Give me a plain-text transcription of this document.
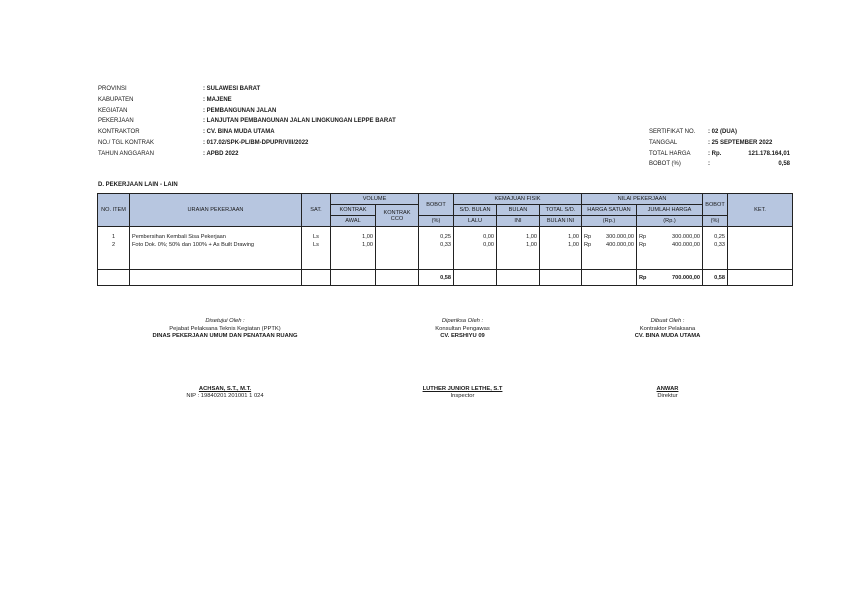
PROVINSI	: SULAWESI BARAT
KABUPATEN	: MAJENE
KEGIATAN	: PEMBANGUNAN JALAN
PEKERJAAN	: LANJUTAN PEMBANGUNAN JALAN LINGKUNGAN LEPPE BARAT
KONTRAKTOR	: CV. BINA MUDA UTAMA
NO./ TGL KONTRAK	: 017.02/SPK-PL/BM-DPUPR/VIII/2022
TAHUN ANGGARAN	: APBD 2022
SERTIFIKAT NO.	: 02 (DUA)
TANGGAL	: 25 SEPTEMBER 2022
TOTAL HARGA	: Rp.	121.178.164,01
BOBOT (%)	:	0,58
D. PEKERJAAN LAIN - LAIN
NO. ITEM	URAIAN PEKERJAAN	SAT.	VOLUME		BOBOT	KEMAJUAN FISIK			NILAI PEKERJAAN		BOBOT	KET.
			KONTRAK	KONTRAK CCO		S/D. BULAN	BULAN	TOTAL S/D.	HARGA SATUAN	JUMLAH HARGA		
			AWAL		(%)	LALU	INI	BULAN INI	(Rp.)	(Rp.)	(%)	

1	Pembersihan Kembali Sisa Pekerjaan	Ls	1,00		0,25	0,00	1,00	1,00	Rp 300.000,00	Rp 300.000,00	0,25	
2	Foto Dok. 0%; 50% dan 100% + As Built Drawing	Ls	1,00		0,33	0,00	1,00	1,00	Rp 400.000,00	Rp 400.000,00	0,33	

					0,58					Rp 700.000,00	0,58	
Disetujui Oleh :
Pejabat Pelaksana Teknis Kegiatan (PPTK)
DINAS PEKERJAAN UMUM DAN PENATAAN RUANG
ACHSAN, S.T., M.T.
NIP : 19840201 201001 1 024
Diperiksa Oleh :
Konsultan Pengawas
CV. ERSHIYU 09
LUTHER JUNIOR LETHE, S.T
Inspector
Dibuat Oleh :
Kontraktor Pelaksana
CV. BINA MUDA UTAMA
ANWAR
Direktur
